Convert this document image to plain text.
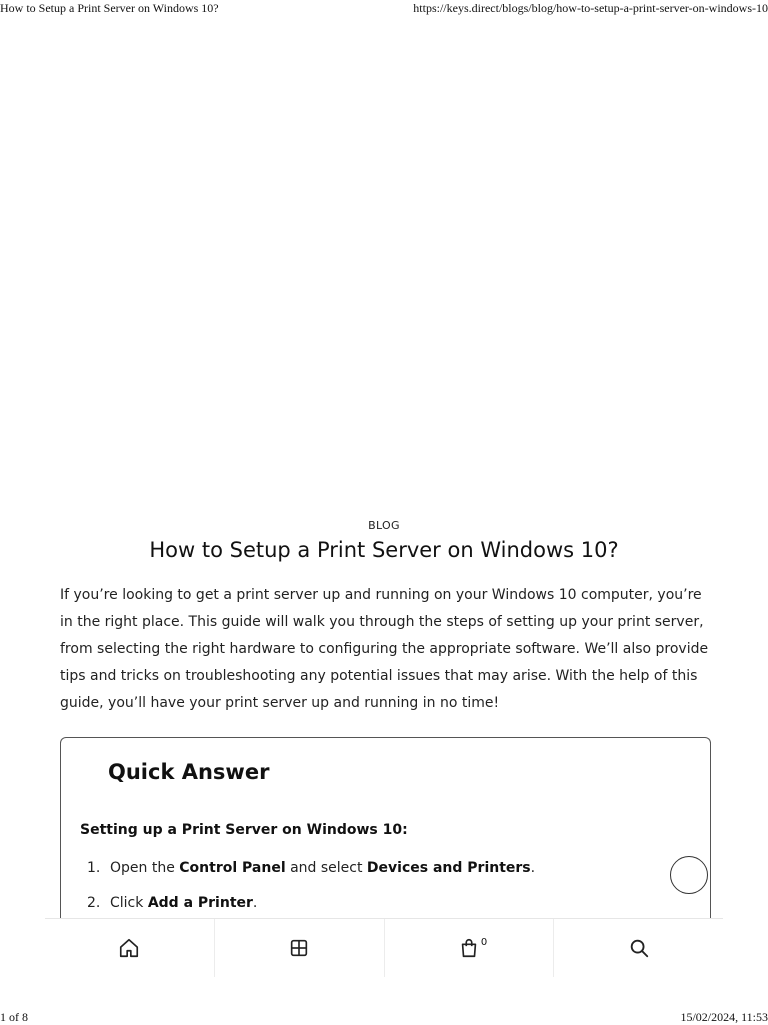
How to Setup a Print Server on Windows 10?	https://keys.direct/blogs/blog/how-to-setup-a-print-server-on-windows-10
BLOG
How to Setup a Print Server on Windows 10?

If you’re looking to get a print server up and running on your Windows 10 computer, you’re in the right place. This guide will walk you through the steps of setting up your print server, from selecting the right hardware to configuring the appropriate software. We’ll also provide tips and tricks on troubleshooting any potential issues that may arise. With the help of this guide, you’ll have your print server up and running in no time!

Quick Answer
Setting up a Print Server on Windows 10:
1. Open the Control Panel and select Devices and Printers.
2. Click Add a Printer.
0
1 of 8	15/02/2024, 11:53
